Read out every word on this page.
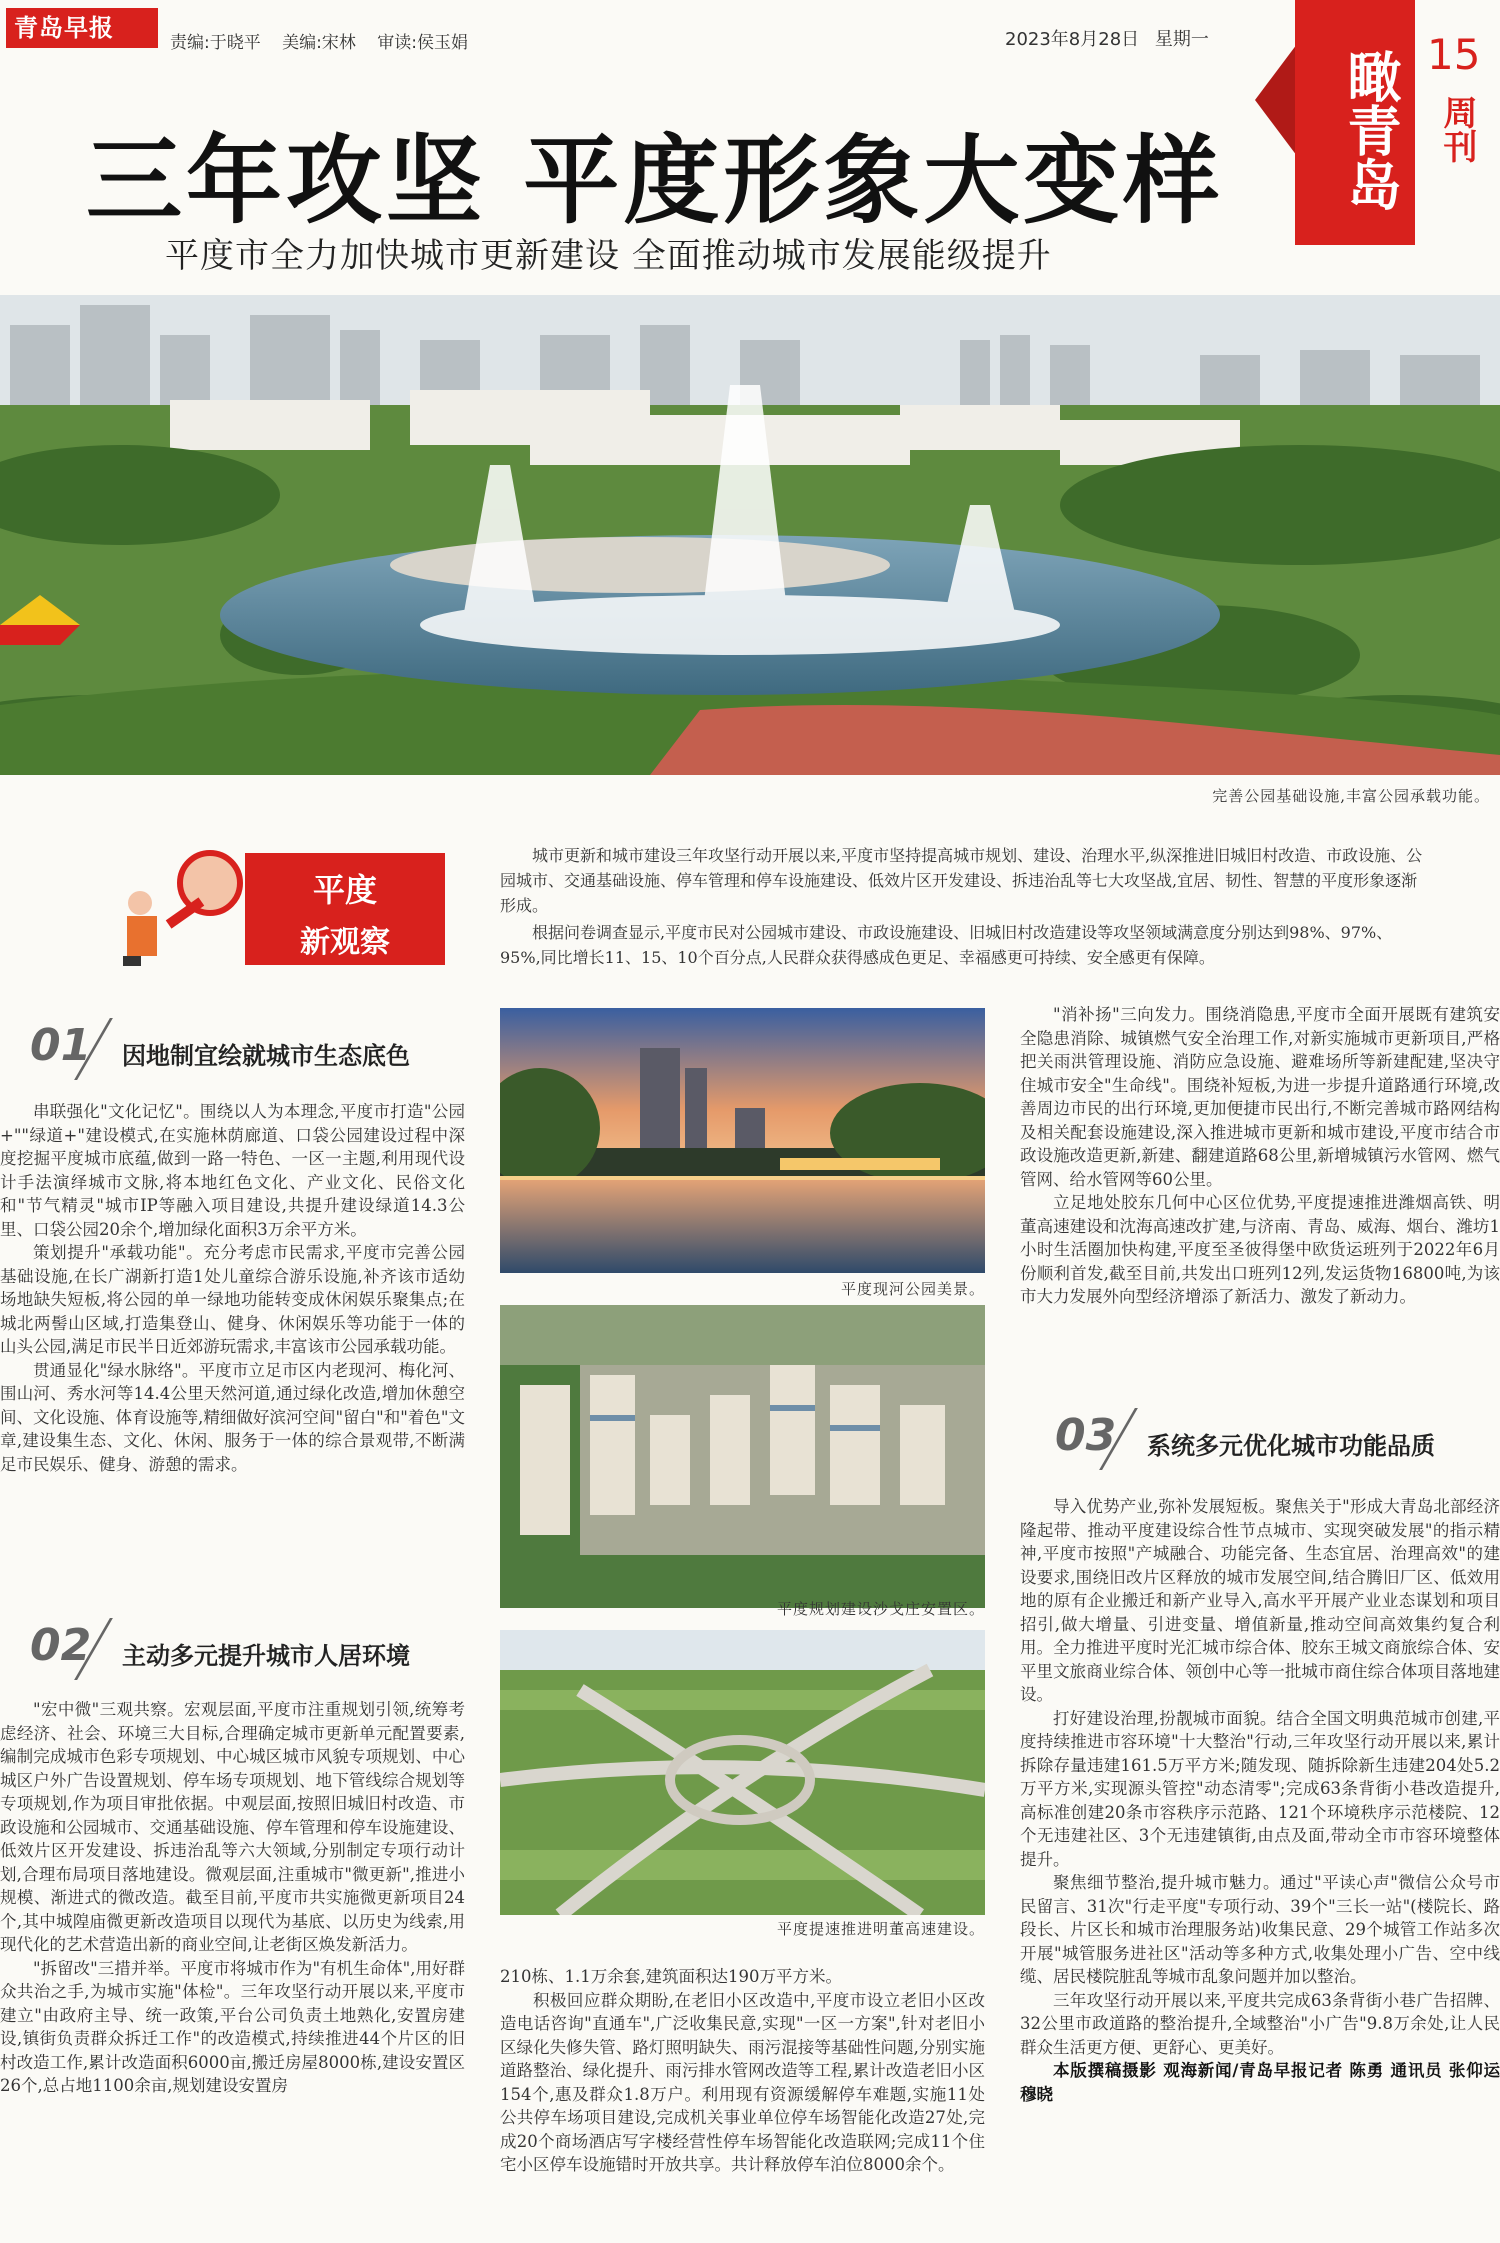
青岛早报
责编:于晓平 美编:宋林 审读:侯玉娟	2023年8月28日 星期一
瞰青岛 15
周刊
三年攻坚 平度形象大变样
平度市全力加快城市更新建设 全面推动城市发展能级提升
完善公园基础设施,丰富公园承载功能。
平度
新观察

城市更新和城市建设三年攻坚行动开展以来,平度市坚持提高城市规划、建设、治理水平,纵深推进旧城旧村改造、市政设施、公园城市、交通基础设施、停车管理和停车设施建设、低效片区开发建设、拆违治乱等七大攻坚战,宜居、韧性、智慧的平度形象逐渐形成。

根据问卷调查显示,平度市民对公园城市建设、市政设施建设、旧城旧村改造建设等攻坚领域满意度分别达到98%、97%、95%,同比增长11、15、10个百分点,人民群众获得感成色更足、幸福感更可持续、安全感更有保障。

01 因地制宜绘就城市生态底色

串联强化"文化记忆"。围绕以人为本理念,平度市打造"公园+""绿道+"建设模式,在实施林荫廊道、口袋公园建设过程中深度挖掘平度城市底蕴,做到一路一特色、一区一主题,利用现代设计手法演绎城市文脉,将本地红色文化、产业文化、民俗文化和"节气精灵"城市IP等融入项目建设,共提升建设绿道14.3公里、口袋公园20余个,增加绿化面积3万余平方米。

策划提升"承载功能"。充分考虑市民需求,平度市完善公园基础设施,在长广湖新打造1处儿童综合游乐设施,补齐该市适幼场地缺失短板,将公园的单一绿地功能转变成休闲娱乐聚集点;在城北两髻山区域,打造集登山、健身、休闲娱乐等功能于一体的山头公园,满足市民半日近郊游玩需求,丰富该市公园承载功能。

贯通显化"绿水脉络"。平度市立足市区内老现河、梅化河、围山河、秀水河等14.4公里天然河道,通过绿化改造,增加休憩空间、文化设施、体育设施等,精细做好滨河空间"留白"和"着色"文章,建设集生态、文化、休闲、服务于一体的综合景观带,不断满足市民娱乐、健身、游憩的需求。

02 主动多元提升城市人居环境

"宏中微"三观共察。宏观层面,平度市注重规划引领,统筹考虑经济、社会、环境三大目标,合理确定城市更新单元配置要素,编制完成城市色彩专项规划、中心城区城市风貌专项规划、中心城区户外广告设置规划、停车场专项规划、地下管线综合规划等专项规划,作为项目审批依据。中观层面,按照旧城旧村改造、市政设施和公园城市、交通基础设施、停车管理和停车设施建设、低效片区开发建设、拆违治乱等六大领域,分别制定专项行动计划,合理布局项目落地建设。微观层面,注重城市"微更新",推进小规模、渐进式的微改造。截至目前,平度市共实施微更新项目24个,其中城隍庙微更新改造项目以现代为基底、以历史为线索,用现代化的艺术营造出新的商业空间,让老街区焕发新活力。

"拆留改"三措并举。平度市将城市作为"有机生命体",用好群众共治之手,为城市实施"体检"。三年攻坚行动开展以来,平度市建立"由政府主导、统一政策,平台公司负责土地熟化,安置房建设,镇街负责群众拆迁工作"的改造模式,持续推进44个片区的旧村改造工作,累计改造面积6000亩,搬迁房屋8000栋,建设安置区26个,总占地1100余亩,规划建设安置房

平度现河公园美景。
平度规划建设沙戈庄安置区。
平度提速推进明董高速建设。

210栋、1.1万余套,建筑面积达190万平方米。

积极回应群众期盼,在老旧小区改造中,平度市设立老旧小区改造电话咨询"直通车",广泛收集民意,实现"一区一方案",针对老旧小区绿化失修失管、路灯照明缺失、雨污混接等基础性问题,分别实施道路整治、绿化提升、雨污排水管网改造等工程,累计改造老旧小区154个,惠及群众1.8万户。利用现有资源缓解停车难题,实施11处公共停车场项目建设,完成机关事业单位停车场智能化改造27处,完成20个商场酒店写字楼经营性停车场智能化改造联网;完成11个住宅小区停车设施错时开放共享。共计释放停车泊位8000余个。

"消补扬"三向发力。围绕消隐患,平度市全面开展既有建筑安全隐患消除、城镇燃气安全治理工作,对新实施城市更新项目,严格把关雨洪管理设施、消防应急设施、避难场所等新建配建,坚决守住城市安全"生命线"。围绕补短板,为进一步提升道路通行环境,改善周边市民的出行环境,更加便捷市民出行,不断完善城市路网结构及相关配套设施建设,深入推进城市更新和城市建设,平度市结合市政设施改造更新,新建、翻建道路68公里,新增城镇污水管网、燃气管网、给水管网等60公里。

立足地处胶东几何中心区位优势,平度提速推进潍烟高铁、明董高速建设和沈海高速改扩建,与济南、青岛、威海、烟台、潍坊1小时生活圈加快构建,平度至圣彼得堡中欧货运班列于2022年6月份顺利首发,截至目前,共发出口班列12列,发运货物16800吨,为该市大力发展外向型经济增添了新活力、激发了新动力。

03 系统多元优化城市功能品质

导入优势产业,弥补发展短板。聚焦关于"形成大青岛北部经济隆起带、推动平度建设综合性节点城市、实现突破发展"的指示精神,平度市按照"产城融合、功能完备、生态宜居、治理高效"的建设要求,围绕旧改片区释放的城市发展空间,结合腾旧厂区、低效用地的原有企业搬迁和新产业导入,高水平开展产业业态谋划和项目招引,做大增量、引进变量、增值新量,推动空间高效集约复合利用。全力推进平度时光汇城市综合体、胶东王城文商旅综合体、安平里文旅商业综合体、领创中心等一批城市商住综合体项目落地建设。

打好建设治理,扮靓城市面貌。结合全国文明典范城市创建,平度持续推进市容环境"十大整治"行动,三年攻坚行动开展以来,累计拆除存量违建161.5万平方米;随发现、随拆除新生违建204处5.2万平方米,实现源头管控"动态清零";完成63条背街小巷改造提升,高标准创建20条市容秩序示范路、121个环境秩序示范楼院、12个无违建社区、3个无违建镇街,由点及面,带动全市市容环境整体提升。

聚焦细节整治,提升城市魅力。通过"平读心声"微信公众号市民留言、31次"行走平度"专项行动、39个"三长一站"(楼院长、路段长、片区长和城市治理服务站)收集民意、29个城管工作站多次开展"城管服务进社区"活动等多种方式,收集处理小广告、空中线缆、居民楼院脏乱等城市乱象问题并加以整治。

三年攻坚行动开展以来,平度共完成63条背街小巷广告招牌、32公里市政道路的整治提升,全域整治"小广告"9.8万余处,让人民群众生活更方便、更舒心、更美好。

本版撰稿摄影 观海新闻/青岛早报记者 陈勇 通讯员 张仰运 穆晓
